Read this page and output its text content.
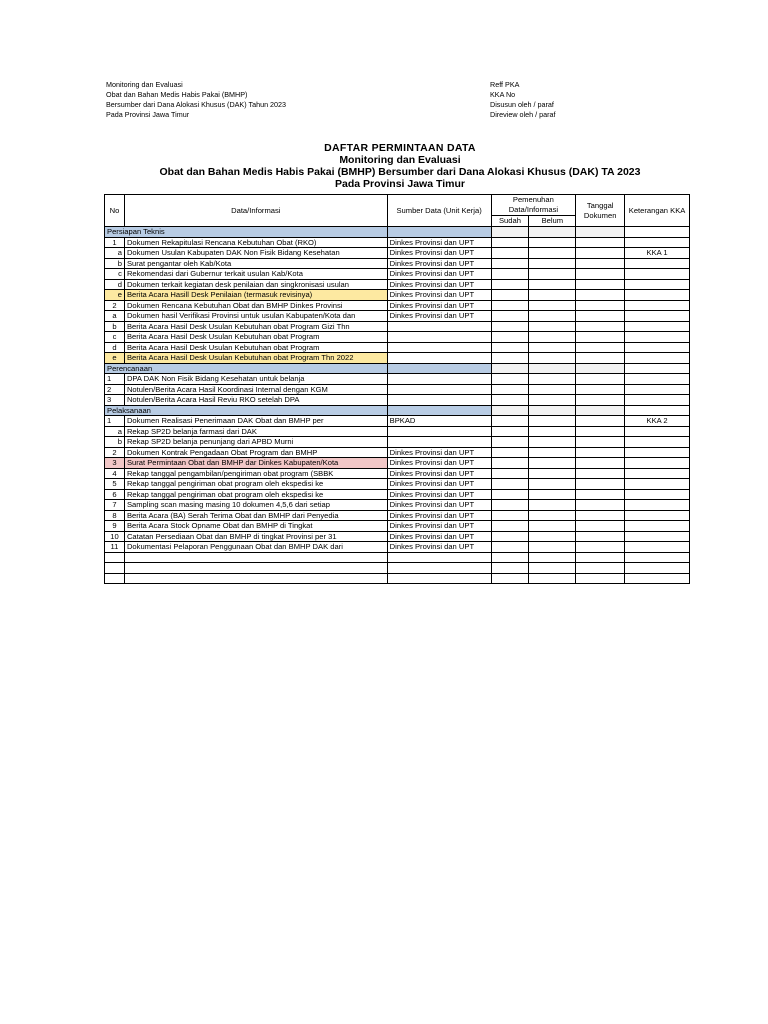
Monitoring dan Evaluasi
Obat dan Bahan Medis Habis Pakai (BMHP)
Bersumber dari Dana Alokasi Khusus (DAK) Tahun 2023
Pada Provinsi Jawa Timur
Reff PKA
KKA No
Disusun oleh / paraf
Direview oleh / paraf
DAFTAR PERMINTAAN DATA
Monitoring dan Evaluasi
Obat dan Bahan Medis Habis Pakai (BMHP) Bersumber dari Dana Alokasi Khusus (DAK) TA 2023
Pada Provinsi Jawa Timur
No	Data/Informasi	Sumber Data (Unit Kerja)	Pemenuhan Data/Informasi		Tanggal Dokumen	Keterangan KKA
			Sudah	Belum		
Persiapan Teknis						
1	Dokumen Rekapitulasi Rencana Kebutuhan Obat (RKO)	Dinkes Provinsi dan UPT				
a	Dokumen Usulan Kabupaten DAK Non Fisik Bidang Kesehatan	Dinkes Provinsi dan UPT				KKA 1
b	Surat pengantar oleh Kab/Kota	Dinkes Provinsi dan UPT				
c	Rekomendasi dari Gubernur terkait usulan Kab/Kota	Dinkes Provinsi dan UPT				
d	Dokumen terkait kegiatan desk penilaian dan singkronisasi usulan	Dinkes Provinsi dan UPT				
e	Berita Acara Hasill Desk Penilaian (termasuk revisinya)	Dinkes Provinsi dan UPT				
2	Dokumen Rencana Kebutuhan Obat dan BMHP Dinkes Provinsi	Dinkes Provinsi dan UPT				
a	Dokumen hasil Verifikasi Provinsi untuk usulan Kabupaten/Kota dan	Dinkes Provinsi dan UPT				
b	Berita Acara Hasil Desk Usulan Kebutuhan obat Program Gizi Thn					
c	Berita Acara Hasil Desk Usulan Kebutuhan obat Program					
d	Berita Acara Hasil Desk Usulan Kebutuhan obat Program					
e	Berita Acara Hasil Desk Usulan Kebutuhan obat Program Thn 2022					
Perencanaan						
1	DPA DAK Non Fisik Bidang Kesehatan untuk belanja					
2	Notulen/Berita Acara Hasil Koordinasi Internal dengan KGM					
3	Notulen/Berita Acara Hasil Reviu RKO setelah DPA					
Pelaksanaan						
1	Dokumen Realisasi Penerimaan DAK Obat dan BMHP per	BPKAD				KKA 2
a	Rekap SP2D belanja farmasi dari DAK					
b	Rekap SP2D belanja penunjang dari APBD Murni					
2	Dokumen Kontrak Pengadaan Obat Program dan BMHP	Dinkes Provinsi dan UPT				
3	Surat Permintaan Obat dan BMHP dar Dinkes Kabupaten/Kota	Dinkes Provinsi dan UPT				
4	Rekap tanggal pengambilan/pengiriman obat program (SBBK	Dinkes Provinsi dan UPT				
5	Rekap tanggal pengiriman obat program oleh ekspedisi ke	Dinkes Provinsi dan UPT				
6	Rekap tanggal pengiriman obat program oleh ekspedisi ke	Dinkes Provinsi dan UPT				
7	Sampling scan masing masing 10 dokumen 4,5,6 dari setiap	Dinkes Provinsi dan UPT				
8	Berita Acara (BA) Serah Terima Obat dan BMHP dari Penyedia	Dinkes Provinsi dan UPT				
9	Berita Acara Stock Opname Obat dan BMHP di Tingkat	Dinkes Provinsi dan UPT				
10	Catatan Persediaan Obat dan BMHP di tingkat Provinsi per 31	Dinkes Provinsi dan UPT				
11	Dokumentasi Pelaporan Penggunaan Obat dan BMHP DAK dari	Dinkes Provinsi dan UPT				
